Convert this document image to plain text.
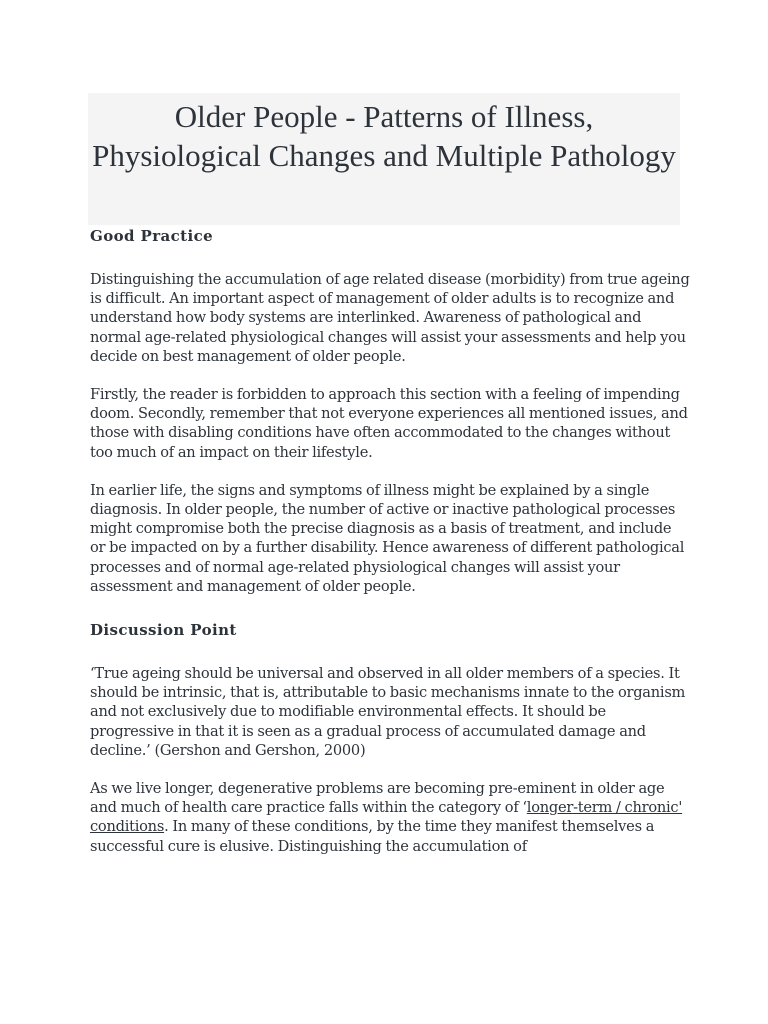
Older People - Patterns of Illness, Physiological Changes and Multiple Pathology
Good Practice

Distinguishing the accumulation of age related disease (morbidity) from true ageing is difficult. An important aspect of management of older adults is to recognize and understand how body systems are interlinked. Awareness of pathological and normal age-related physiological changes will assist your assessments and help you decide on best management of older people.

Firstly, the reader is forbidden to approach this section with a feeling of impending doom. Secondly, remember that not everyone experiences all mentioned issues, and those with disabling conditions have often accommodated to the changes without too much of an impact on their lifestyle.

In earlier life, the signs and symptoms of illness might be explained by a single diagnosis. In older people, the number of active or inactive pathological processes might compromise both the precise diagnosis as a basis of treatment, and include or be impacted on by a further disability. Hence awareness of different pathological processes and of normal age-related physiological changes will assist your assessment and management of older people.

Discussion Point

‘True ageing should be universal and observed in all older members of a species. It should be intrinsic, that is, attributable to basic mechanisms innate to the organism and not exclusively due to modifiable environmental effects. It should be progressive in that it is seen as a gradual process of accumulated damage and decline.’ (Gershon and Gershon, 2000)

As we live longer, degenerative problems are becoming pre-eminent in older age and much of health care practice falls within the category of ‘longer-term / chronic' conditions. In many of these conditions, by the time they manifest themselves a successful cure is elusive. Distinguishing the accumulation of
